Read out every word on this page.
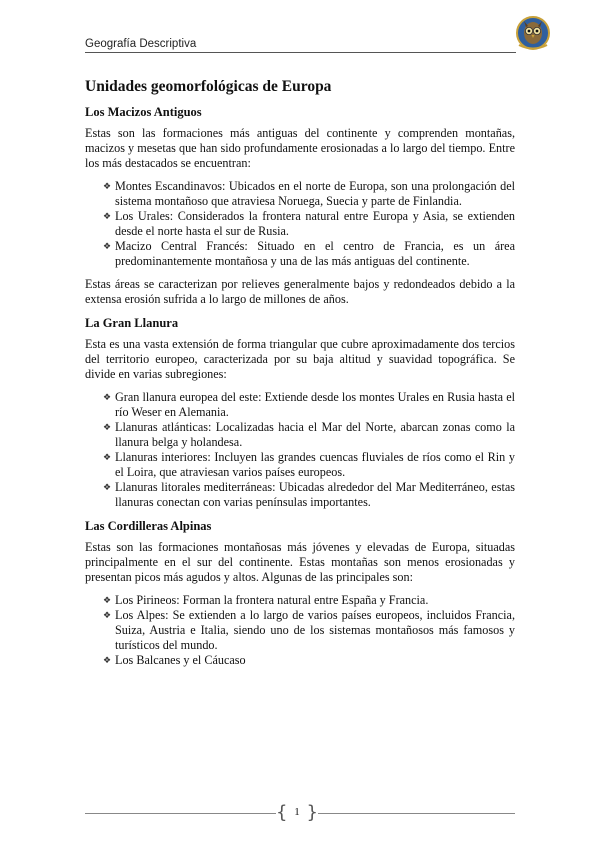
Geografía Descriptiva
Unidades geomorfológicas de Europa
Los Macizos Antiguos

Estas son las formaciones más antiguas del continente y comprenden montañas, macizos y mesetas que han sido profundamente erosionadas a lo largo del tiempo. Entre los más destacados se encuentran:

❖ Montes Escandinavos: Ubicados en el norte de Europa, son una prolongación del sistema montañoso que atraviesa Noruega, Suecia y parte de Finlandia.
❖ Los Urales: Considerados la frontera natural entre Europa y Asia, se extienden desde el norte hasta el sur de Rusia.
❖ Macizo Central Francés: Situado en el centro de Francia, es un área predominantemente montañosa y una de las más antiguas del continente.

Estas áreas se caracterizan por relieves generalmente bajos y redondeados debido a la extensa erosión sufrida a lo largo de millones de años.

La Gran Llanura

Esta es una vasta extensión de forma triangular que cubre aproximadamente dos tercios del territorio europeo, caracterizada por su baja altitud y suavidad topográfica. Se divide en varias subregiones:

❖ Gran llanura europea del este: Extiende desde los montes Urales en Rusia hasta el río Weser en Alemania.
❖ Llanuras atlánticas: Localizadas hacia el Mar del Norte, abarcan zonas como la llanura belga y holandesa.
❖ Llanuras interiores: Incluyen las grandes cuencas fluviales de ríos como el Rin y el Loira, que atraviesan varios países europeos.
❖ Llanuras litorales mediterráneas: Ubicadas alrededor del Mar Mediterráneo, estas llanuras conectan con varias penínsulas importantes.
Las Cordilleras Alpinas

Estas son las formaciones montañosas más jóvenes y elevadas de Europa, situadas principalmente en el sur del continente. Estas montañas son menos erosionadas y presentan picos más agudos y altos. Algunas de las principales son:

❖ Los Pirineos: Forman la frontera natural entre España y Francia.
❖ Los Alpes: Se extienden a lo largo de varios países europeos, incluidos Francia, Suiza, Austria e Italia, siendo uno de los sistemas montañosos más famosos y turísticos del mundo.
❖ Los Balcanes y el Cáucaso
{ 1 }
